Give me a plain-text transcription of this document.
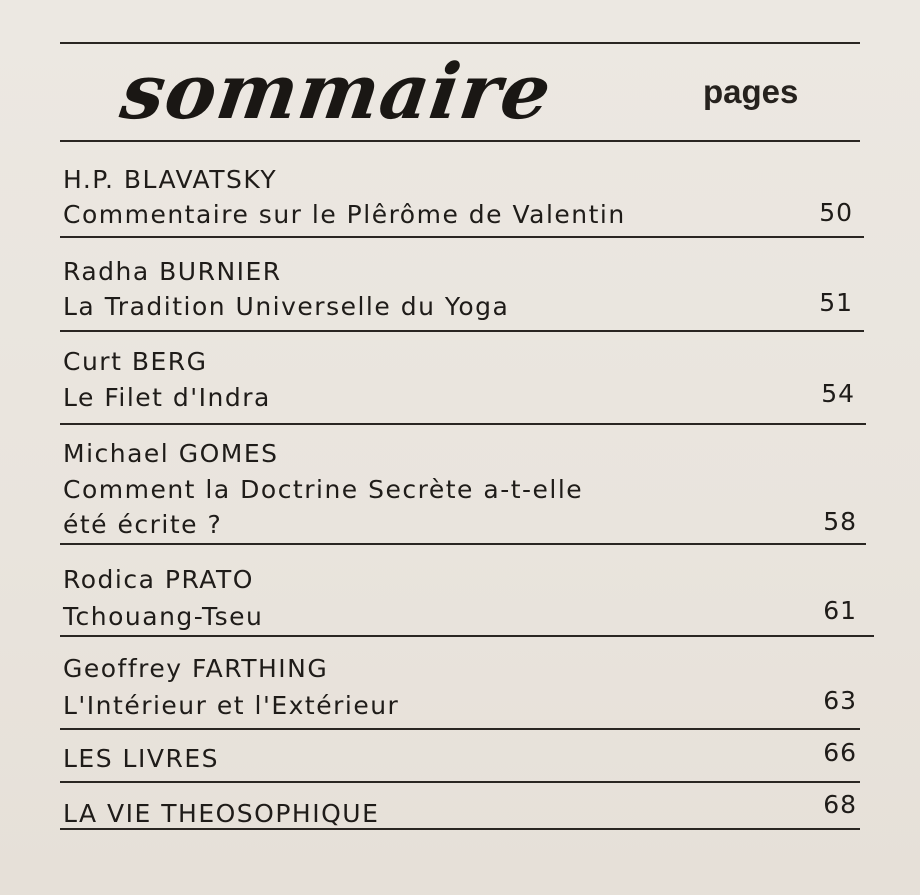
sommaire	pages
H.P. BLAVATSKY
Commentaire sur le Plêrôme de Valentin	50
Radha BURNIER
La Tradition Universelle du Yoga	51
Curt BERG
Le Filet d'Indra	54
Michael GOMES
Comment la Doctrine Secrète a-t-elle
été écrite ?	58
Rodica PRATO
Tchouang-Tseu	61
Geoffrey FARTHING
L'Intérieur et l'Extérieur	63
LES LIVRES	66
LA VIE THEOSOPHIQUE	68
